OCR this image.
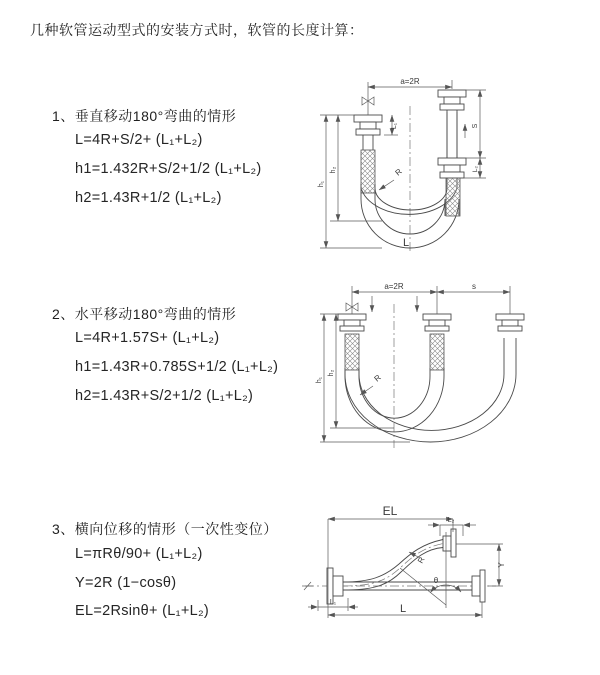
几种软管运动型式的安装方式时，软管的长度计算：
1、垂直移动180°弯曲的情形
L=4R+S/2+ (L₁+L₂)
h1=1.432R+S/2+1/2 (L₁+L₂)
h2=1.43R+1/2 (L₁+L₂)
2、水平移动180°弯曲的情形
L=4R+1.57S+ (L₁+L₂)
h1=1.43R+0.785S+1/2 (L₁+L₂)
h2=1.43R+S/2+1/2 (L₁+L₂)
3、横向位移的情形（一次性变位）
L=πRθ/90+ (L₁+L₂)
Y=2R (1−cosθ)
EL=2Rsinθ+ (L₁+L₂)
a=2R
h₁
h₂
L₁	S
L₂
R
L
a=2R	s
h₁
h₂	R
θ
EL
L₂
Y
R
L
L₁
